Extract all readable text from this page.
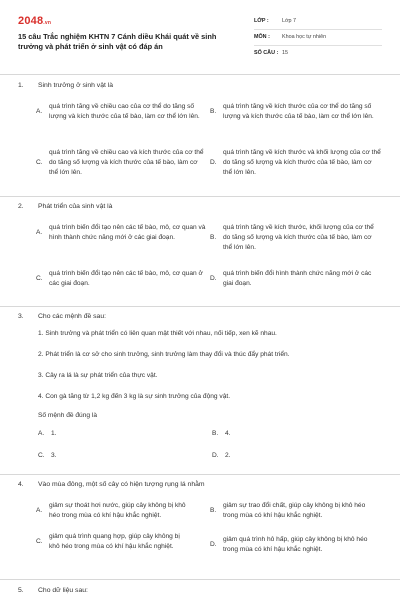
2048.vn
15 câu Trắc nghiệm KHTN 7 Cánh diều Khái quát về sinh trưởng và phát triển ở sinh vật có đáp án
LỚP :	Lớp 7
MÔN :	Khoa học tự nhiên
SỐ CÂU : 15
1.	Sinh trưởng ở sinh vật là
A.
quá trình tăng về chiều cao của cơ thể do tăng số lượng và kích thước của tế bào, làm cơ thể lớn lên.
B.
quá trình tăng về kích thước của cơ thể do tăng số lượng và kích thước của tế bào, làm cơ thể lớn lên.
C.
quá trình tăng về chiều cao và kích thước của cơ thể do tăng số lượng và kích thước của tế bào, làm cơ thể lớn lên.
D.
quá trình tăng về kích thước và khối lượng của cơ thể do tăng số lượng và kích thước của tế bào, làm cơ thể lớn lên.
2.	Phát triển của sinh vật là
A.
quá trình biến đổi tạo nên các tế bào, mô, cơ quan và hình thành chức năng mới ở các giai đoạn.	B.
quá trình tăng về kích thước, khối lượng của cơ thể do tăng số lượng và kích thước của tế bào, làm cơ thể lớn lên.
C.
quá trình biến đổi tạo nên các tế bào, mô, cơ quan ở các giai đoạn.
D.
quá trình biến đổi hình thành chức năng mới ở các giai đoạn.
3.	Cho các mệnh đề sau:
1. Sinh trưởng và phát triển có liên quan mật thiết với nhau, nối tiếp, xen kẽ nhau.
2. Phát triển là cơ sở cho sinh trưởng, sinh trưởng làm thay đổi và thúc đẩy phát triển.
3. Cây ra lá là sự phát triển của thực vật.
4. Con gà tăng từ 1,2 kg đến 3 kg là sự sinh trưởng của động vật.
Số mệnh đề đúng là
A.	1.	B.	4.
C. 3.	D. 2.
4.	Vào mùa đông, một số cây có hiện tượng rụng lá nhằm
A.
giảm sự thoát hơi nước, giúp cây không bị khô héo trong mùa có khí hậu khắc nghiệt.
B.
giảm sự trao đổi chất, giúp cây không bị khô héo trong mùa có khí hậu khắc nghiệt.
C.
giảm quá trình quang hợp, giúp cây không bị khô héo trong mùa có khí hậu khắc nghiệt.	D.
giảm quá trình hô hấp, giúp cây không bị khô héo trong mùa có khí hậu khắc nghiệt.
5.	Cho dữ liệu sau:
